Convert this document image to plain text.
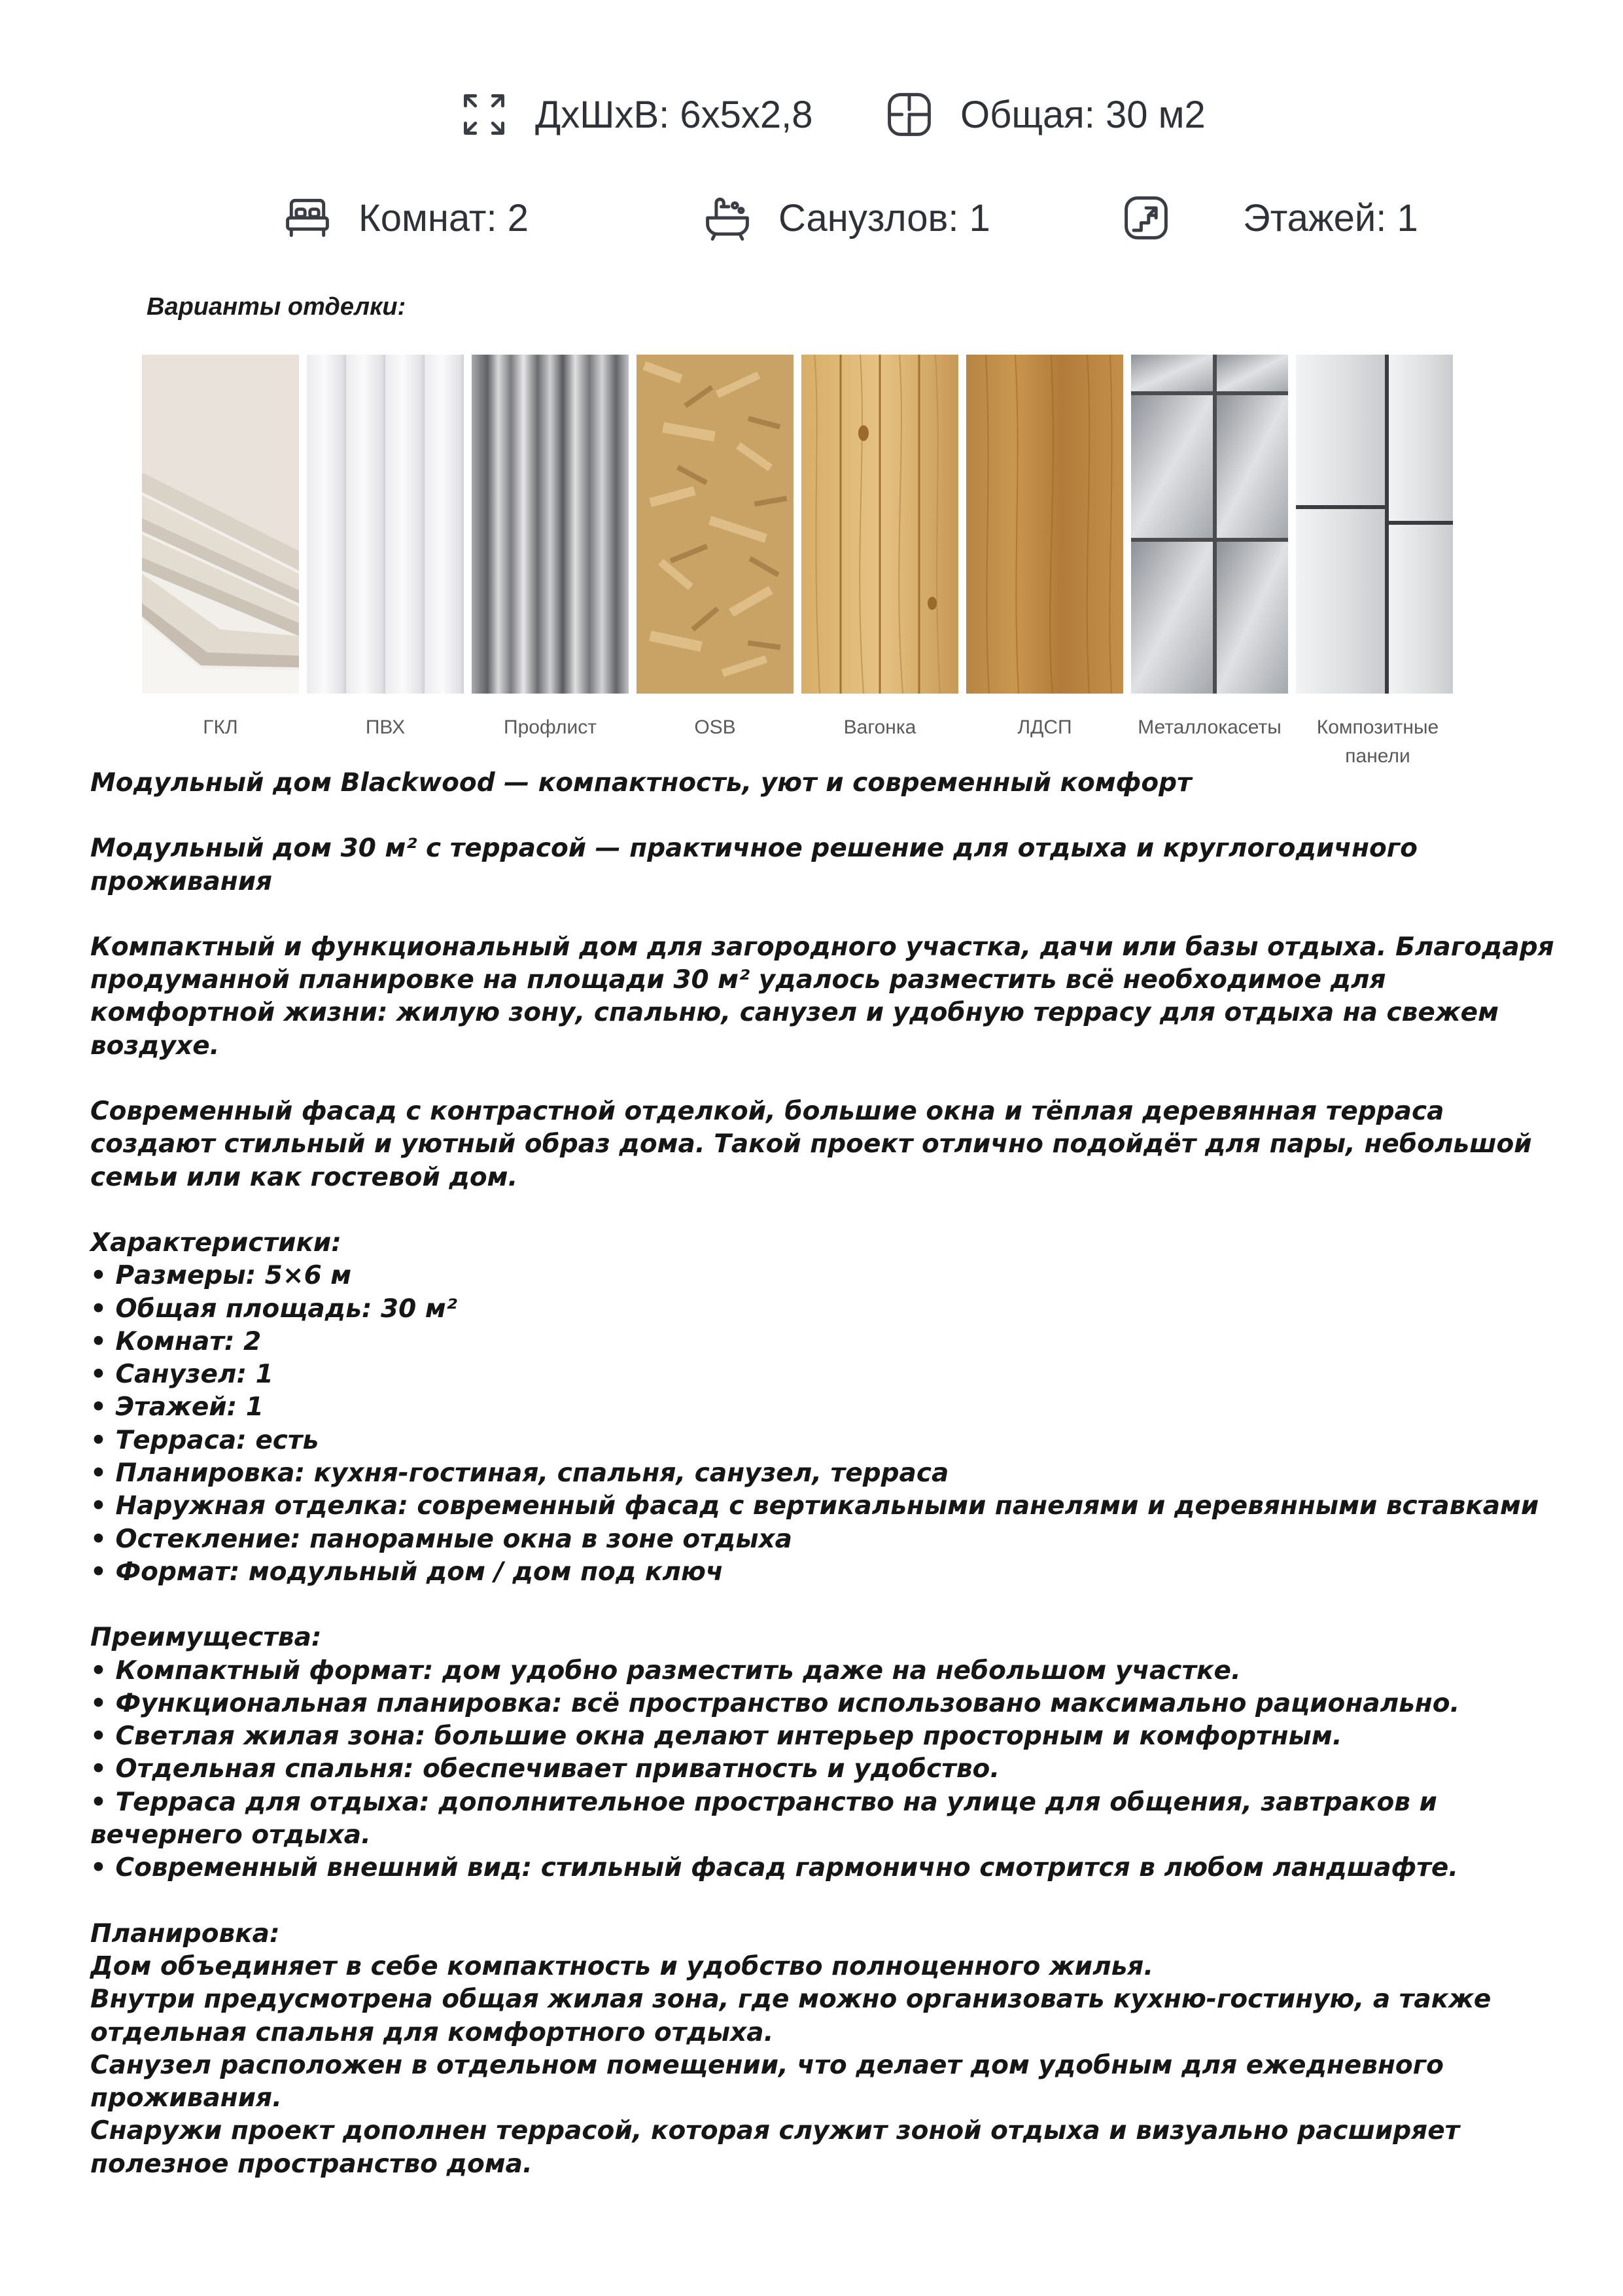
ДхШхВ: 6х5х2,8	Общая: 30 м2
Комнат: 2	Санузлов: 1	Этажей: 1
Варианты отделки:
ГКЛ	ПВХ	Профлист	OSB	Вагонка	ЛДСП	Металлокасеты	Композитные панели

Модульный дом Blackwood — компактность, уют и современный комфорт

Модульный дом 30 м² с террасой — практичное решение для отдыха и круглогодичного проживания

Компактный и функциональный дом для загородного участка, дачи или базы отдыха. Благодаря продуманной планировке на площади 30 м² удалось разместить всё необходимое для комфортной жизни: жилую зону, спальню, санузел и удобную террасу для отдыха на свежем воздухе.

Современный фасад с контрастной отделкой, большие окна и тёплая деревянная терраса создают стильный и уютный образ дома. Такой проект отлично подойдёт для пары, небольшой семьи или как гостевой дом.

Характеристики:

• Размеры: 5×6 м

• Общая площадь: 30 м²

• Комнат: 2

• Санузел: 1

• Этажей: 1

• Терраса: есть

• Планировка: кухня-гостиная, спальня, санузел, терраса

• Наружная отделка: современный фасад с вертикальными панелями и деревянными вставками

• Остекление: панорамные окна в зоне отдыха

• Формат: модульный дом / дом под ключ

Преимущества:

• Компактный формат: дом удобно разместить даже на небольшом участке.

• Функциональная планировка: всё пространство использовано максимально рационально.

• Светлая жилая зона: большие окна делают интерьер просторным и комфортным.

• Отдельная спальня: обеспечивает приватность и удобство.

• Терраса для отдыха: дополнительное пространство на улице для общения, завтраков и вечернего отдыха.

• Современный внешний вид: стильный фасад гармонично смотрится в любом ландшафте.

Планировка:

Дом объединяет в себе компактность и удобство полноценного жилья.

Внутри предусмотрена общая жилая зона, где можно организовать кухню-гостиную, а также отдельная спальня для комфортного отдыха.

Санузел расположен в отдельном помещении, что делает дом удобным для ежедневного проживания.

Снаружи проект дополнен террасой, которая служит зоной отдыха и визуально расширяет полезное пространство дома.
